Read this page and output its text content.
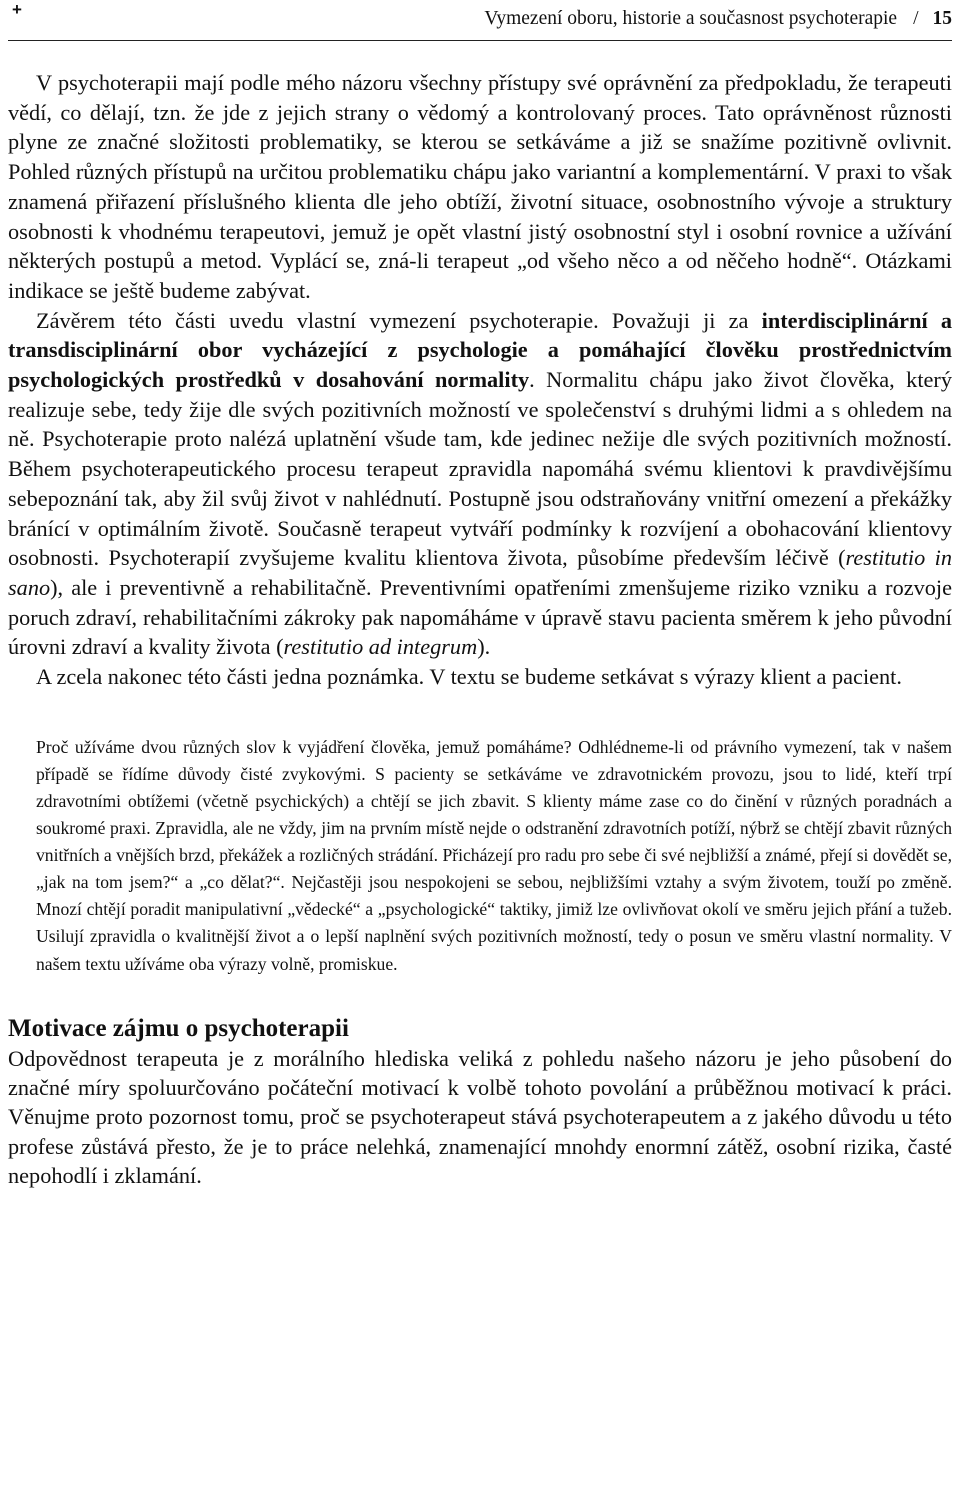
+	Vymezení oboru, historie a současnost psychoterapie / 15

V psychoterapii mají podle mého názoru všechny přístupy své oprávnění za předpokladu, že terapeuti vědí, co dělají, tzn. že jde z jejich strany o vědomý a kontrolovaný proces. Tato oprávněnost různosti plyne ze značné složitosti problematiky, se kterou se setkáváme a již se snažíme pozitivně ovlivnit. Pohled různých přístupů na určitou problematiku chápu jako variantní a komplementární. V praxi to však znamená přiřazení příslušného klienta dle jeho obtíží, životní situace, osobnostního vývoje a struktury osobnosti k vhodnému terapeutovi, jemuž je opět vlastní jistý osobnostní styl i osobní rovnice a užívání některých postupů a metod. Vyplácí se, zná-li terapeut „od všeho něco a od něčeho hodně“. Otázkami indikace se ještě budeme zabývat.

Závěrem této části uvedu vlastní vymezení psychoterapie. Považuji ji za interdisciplinární a transdisciplinární obor vycházející z psychologie a pomáhající člověku prostřednictvím psychologických prostředků v dosahování normality. Normalitu chápu jako život člověka, který realizuje sebe, tedy žije dle svých pozitivních možností ve společenství s druhými lidmi a s ohledem na ně. Psychoterapie proto nalézá uplatnění všude tam, kde jedinec nežije dle svých pozitivních možností. Během psychoterapeutického procesu terapeut zpravidla napomáhá svému klientovi k pravdivějšímu sebepoznání tak, aby žil svůj život v nahlédnutí. Postupně jsou odstraňovány vnitřní omezení a překážky bránící v optimálním životě. Současně terapeut vytváří podmínky k rozvíjení a obohacování klientovy osobnosti. Psychoterapií zvyšujeme kvalitu klientova života, působíme především léčivě (restitutio in sano), ale i preventivně a rehabilitačně. Preventivními opatřeními zmenšujeme riziko vzniku a rozvoje poruch zdraví, rehabilitačními zákroky pak napomáháme v úpravě stavu pacienta směrem k jeho původní úrovni zdraví a kvality života (restitutio ad integrum).

A zcela nakonec této části jedna poznámka. V textu se budeme setkávat s výrazy klient a pacient.

Proč užíváme dvou různých slov k vyjádření člověka, jemuž pomáháme? Odhlédneme-li od právního vymezení, tak v našem případě se řídíme důvody čisté zvykovými. S pacienty se setkáváme ve zdravotnickém provozu, jsou to lidé, kteří trpí zdravotními obtížemi (včetně psychických) a chtějí se jich zbavit. S klienty máme zase co do činění v různých poradnách a soukromé praxi. Zpravidla, ale ne vždy, jim na prvním místě nejde o odstranění zdravotních potíží, nýbrž se chtějí zbavit různých vnitřních a vnějších brzd, překážek a rozličných strádání. Přicházejí pro radu pro sebe či své nejbližší a známé, přejí si dovědět se, „jak na tom jsem?“ a „co dělat?“. Nejčastěji jsou nespokojeni se sebou, nejbližšími vztahy a svým životem, touží po změně. Mnozí chtějí poradit manipulativní „vědecké“ a „psychologické“ taktiky, jimiž lze ovlivňovat okolí ve směru jejich přání a tužeb. Usilují zpravidla o kvalitnější život a o lepší naplnění svých pozitivních možností, tedy o posun ve směru vlastní normality. V našem textu užíváme oba výrazy volně, promiskue.
Motivace zájmu o psychoterapii

Odpovědnost terapeuta je z morálního hlediska veliká z pohledu našeho názoru je jeho působení do značné míry spoluurčováno počáteční motivací k volbě tohoto povolání a průběžnou motivací k práci. Věnujme proto pozornost tomu, proč se psychoterapeut stává psychoterapeutem a z jakého důvodu u této profese zůstává přesto, že je to práce nelehká, znamenající mnohdy enormní zátěž, osobní rizika, časté nepohodlí i zklamání.
